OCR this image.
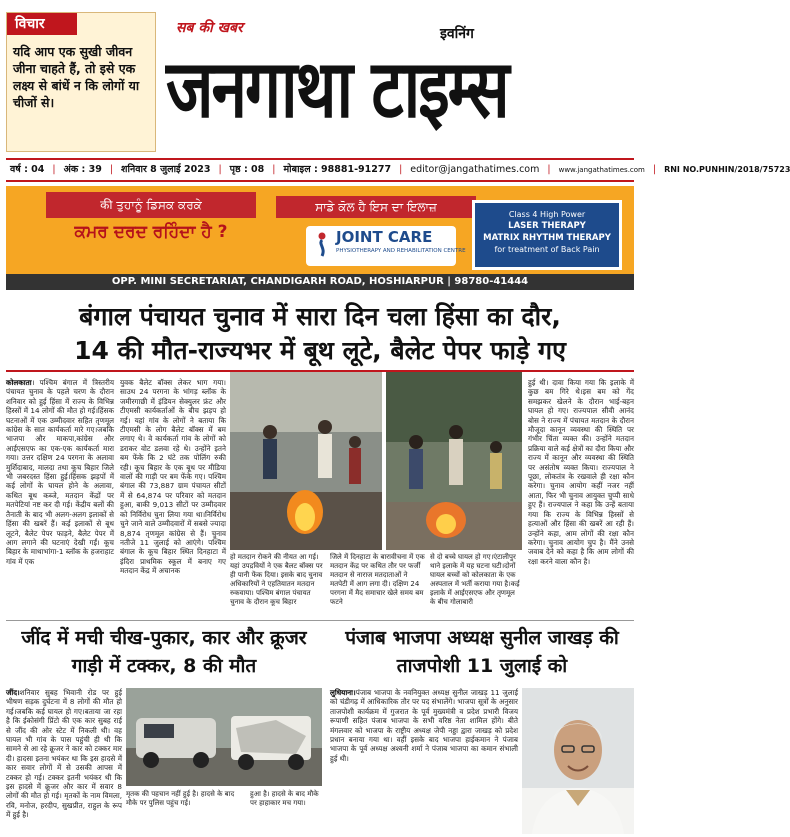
विचार
यदि आप एक सुखी जीवन जीना चाहते हैं, तो इसे एक लक्ष्य से बांधें न कि लोगों या चीजों से।
सब की खबर	इवनिंग
जनगाथा टाइम्स
वर्ष : 04 | अंक : 39 | शनिवार 8 जुलाई 2023 | पृष्ठ : 08 | मोबाइल : 98881-91277 | editor@jangathatimes.com | www.jangathatimes.com | RNI NO.PUNHIN/2018/75723
की ਤੁਹਾਨੂੰ ਡਿਸਕ ਕਰਕੇ
ਕਮਰ ਦਰਦ ਰਹਿੰਦਾ ਹੈ ?
ਸਾਡੇ ਕੋਲ ਹੈ ਇਸ ਦਾ ਇਲਾਜ਼
JOINT CARE
PHYSIOTHERAPY AND REHABILITATION CENTRE
Class 4 High Power
LASER THERAPY
MATRIX RHYTHM THERAPY
for treatment of Back Pain
OPP. MINI SECRETARIAT, CHANDIGARH ROAD, HOSHIARPUR | 98780-41444
बंगाल पंचायत चुनाव में सारा दिन चला हिंसा का दौर,
14 की मौत-राज्यभर में बूथ लूटे, बैलेट पेपर फाड़े गए
कोलकाता। पश्चिम बंगाल में त्रिस्तरीय पंचायत चुनाव के पहले चरण के दौरान शनिवार को हुई हिंसा में राज्य के विभिन्न हिस्सों में 14 लोगों की मौत हो गई।हिंसक घटनाओं में एक उम्मीदवार सहित तृणमूल कांग्रेस के सात कार्यकर्ता मारे गए।जबकि भाजपा और माकपा,कांग्रेस और आईएसएफ का एक-एक कार्यकर्ता मारा गया। उत्तर दक्षिण 24 परगना के अलावा मुर्शिदाबाद, मालदा तथा कूच बिहार जिले भी जबरदस्त हिंसा हुई।हिंसक झड़पों में कई लोगों के घायल होने के अलावा, कथित बूथ कब्जे, मतदान केंद्रों पर मतपेटियां नष्ट कर दी गई। केंद्रीय बलों की तैनाती के बाद भी अलग-अलग इलाकों से हिंसा की खबरें हैं। कई इलाकों से बूथ लूटने, बैलेट पेपर फाड़ने, बैलेट पेपर में आग लगाने की घटनाएं देखी गईं। कूच बिहार के माथाभांगा-1 ब्लॉक के हजराहाट गांव में एक
युवक बैलेट बॉक्स लेकर भाग गया। साउथ 24 परगना के भांगड़ ब्लॉक के जमीरगाछी में इंडियन सेक्युलर फ्रंट और टीएमसी कार्यकर्ताओं के बीच झड़प हो गई। यहां गांव के लोगों ने बताया कि टीएमसी के लोग बैलेट बॉक्स में बम लगाए थे। वे कार्यकर्ता गांव के लोगों को डराकर वोट डलवा रहे थे। उन्होंने इतने बम फेंके कि 2 घंटे तक पोलिंग रुकी रही। कूच बिहार के एक बूथ पर मीडिया वालों की गाड़ी पर बम फेंके गए। पश्चिम बंगाल की 73,887 ग्राम पंचायत सीटों में से 64,874 पर परिवार को मतदान हुआ, बाकी 9,013 सीटों पर उम्मीदवार को निर्विरोध चुना लिया गया था।निर्विरोध चुने जाने वाले उम्मीदवारों में सबसे ज्यादा 8,874 तृणमूल कांग्रेस से हैं। चुनाव नतीजे 11 जुलाई को आएंगे। पश्चिम बंगाल के कूच बिहार स्थित दिनहाटा में इंदिरा प्राथमिक स्कूल में बनाए गए मतदान केंद्र में अचानक
हो मतदान रोकने की नीयत आ गई। यहां उपद्रवियों ने एक बैलट बॉक्स पर ही पानी फेंक दिया। इसके बाद चुनाव अधिकारियों ने एहतियातन मतदान रुकवाया। पश्चिम बंगाल पंचायत चुनाव के दौरान कूच बिहार
जिले में दिनहाटा के बारावीचना में एक मतदान केंद्र पर कथित तौर पर फर्जी मतदान से नाराज मतदाताओं ने मतपेटी में आग लगा दी। दक्षिण 24 परगना में मैद समाचार खेले समय बम फटने
से दो बच्चे घायल हो गए।एंटालीपुर थाने इलाके में यह घटना घटी।दोनों घायल बच्चों को कोलकाता के एक अस्पताल में भर्ती कराया गया है।कई इलाके में आईएसएफ और तृणमूल के बीच गोलाबारी
हुई थी। दावा किया गया कि इलाके में कुछ बम गिरे थे।इस बम को गेंद समझकर खेलने के दौरान भाई-बहन घायल हो गए। राज्यपाल सीवी आनंद बोस ने राज्य में पंचायत मतदान के दौरान मौजूदा कानून व्यवस्था की स्थिति पर गंभीर चिंता व्यक्त की। उन्होंने मतदान प्रक्रिया वाले कई क्षेत्रों का दौरा किया और राज्य में कानून और व्यवस्था की स्थिति पर असंतोष व्यक्त किया। राज्यपाल ने पूछा, लोकतंत्र के रखवाले ही रक्षा कौन करेगा। चुनाव आयोग कहीं नजर नहीं आता, फिर भी चुनाव आयुक्त चुप्पी साधे हुए हैं। राज्यपाल ने कहा कि उन्हें बताया गया कि राज्य के विभिन्न हिस्सों से हत्याओं और हिंसा की खबरें आ रही हैं। उन्होंने कहा, आम लोगों की रक्षा कौन करेगा। चुनाव आयोग चुप है। मैंने उनसे जवाब देने को कहा है कि आम लोगों की रक्षा करने वाला कौन है।
जींद में मची चीख-पुकार, कार और क्रूजर गाड़ी में टक्कर, 8 की मौत
जींद।शनिवार सुबह भिवानी रोड पर हुई भीषण सड़क दुर्घटना में 8 लोगों की मौत हो गई।जबकि कई घायल हो गए।बताया जा रहा है कि ईकोसंगी प्रिंटो की एक कार सुबह राई से जींद की ओर स्टेट में निकली थी। वह घायल भी गांव के पास पहुंची ही थी कि सामने से आ रहे क्रूजर ने कार को टक्कर मार दी। हादसा इतना भयंकर था कि इस हादसे में कार सवार लोगों में से उसकी आपस में टक्कर हो गई। टक्कर इतनी भयंकर थी कि इस हादसे में क्रूजर और कार में सवार 8 लोगों की मौत हो गई। मृतकों के नाम विमला, रवि, मनोज, हरदीप, सुखप्रीत, राहुल के रूप में हुई है।
मृतक की पहचान नहीं हुई है। हादसे के बाद मौके पर पुलिस पहुंच गई।
हुआ है। हादसे के बाद मौके पर हाहाकार मच गया।
पंजाब भाजपा अध्यक्ष सुनील जाखड़ की ताजपोशी 11 जुलाई को
लुधियाना।पंजाब भाजपा के नवनियुक्त अध्यक्ष सुनील जाखड़ 11 जुलाई को चंडीगढ़ में आधिकारिक तौर पर पद संभालेंगे। भाजपा सूत्रों के अनुसार ताजपोशी कार्यक्रम में गुजरात के पूर्व मुख्यमंत्री व प्रदेश प्रभारी विजय रूपाणी सहित पंजाब भाजपा के सभी वरिष्ठ नेता शामिल होंगे। बीते मंगलवार को भाजपा के राष्ट्रीय अध्यक्ष जेपी नड्डा द्वारा जाखड़ को प्रदेश प्रधान बनाया गया था। वहीं इसके बाद भाजपा हाईकमान ने पंजाब भाजपा के पूर्व अध्यक्ष अश्वनी शर्मा ने पंजाब भाजपा का कमान संभाली हुई थी।
